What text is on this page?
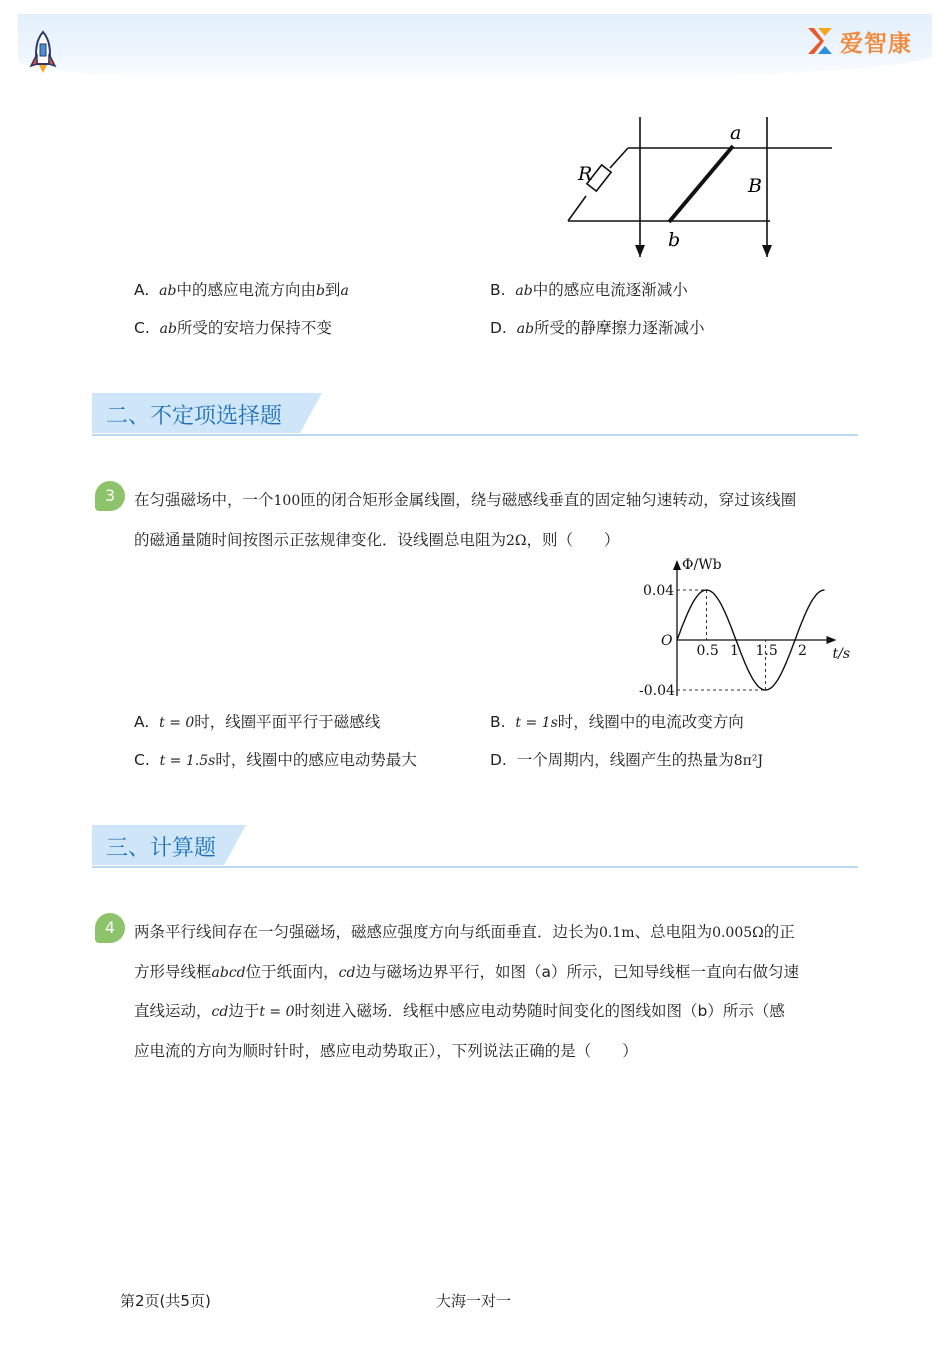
爱智康
a
b
R
B
A. ab中的感应电流方向由b到a	B. ab中的感应电流逐渐减小
C. ab所受的安培力保持不变	D. ab所受的静摩擦力逐渐减小
二、不定项选择题
3	在匀强磁场中，一个100匝的闭合矩形金属线圈，绕与磁感线垂直的固定轴匀速转动，穿过该线圈
的磁通量随时间按图示正弦规律变化．设线圈总电阻为2Ω，则（　　）
Φ/Wb
t/s
O
0.04
-0.04
0.5 1 1.5 2
A. t = 0时，线圈平面平行于磁感线	B. t = 1s时，线圈中的电流改变方向
C. t = 1.5s时，线圈中的感应电动势最大	D. 一个周期内，线圈产生的热量为8π²J
三、计算题
4	两条平行线间存在一匀强磁场，磁感应强度方向与纸面垂直．边长为0.1m、总电阻为0.005Ω的正
方形导线框abcd位于纸面内，cd边与磁场边界平行，如图（a）所示，已知导线框一直向右做匀速
直线运动，cd边于t = 0时刻进入磁场．线框中感应电动势随时间变化的图线如图（b）所示（感
应电流的方向为顺时针时，感应电动势取正），下列说法正确的是（　　）
第2页(共5页)	大海一对一
